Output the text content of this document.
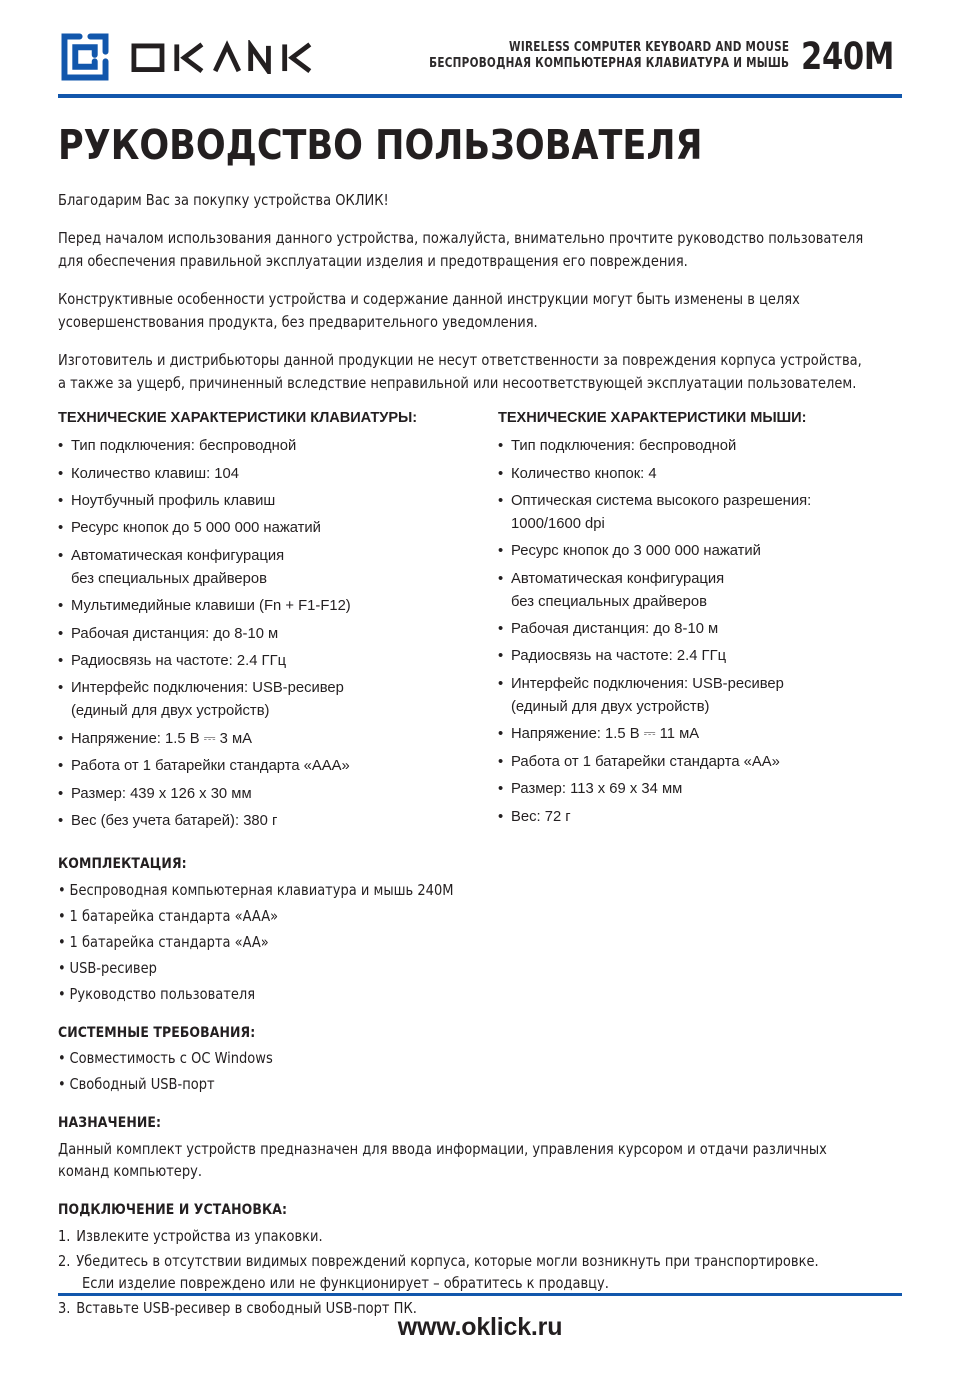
WIRELESS COMPUTER KEYBOARD AND MOUSE
БЕСПРОВОДНАЯ КОМПЬЮТЕРНАЯ КЛАВИАТУРА И МЫШЬ 240M
РУКОВОДСТВО ПОЛЬЗОВАТЕЛЯ

Благодарим Вас за покупку устройства ОКЛИК!

Перед началом использования данного устройства, пожалуйста, внимательно прочтите руководство пользователя для обеспечения правильной эксплуатации изделия и предотвращения его повреждения.

Конструктивные особенности устройства и содержание данной инструкции могут быть изменены в целях усовершенствования продукта, без предварительного уведомления.

Изготовитель и дистрибьюторы данной продукции не несут ответственности за повреждения корпуса устройства, а также за ущерб, причиненный вследствие неправильной или несоответствующей эксплуатации пользователем.

ТЕХНИЧЕСКИЕ ХАРАКТЕРИСТИКИ КЛАВИАТУРЫ:
• Тип подключения: беспроводной
• Количество клавиш: 104
• Ноутбучный профиль клавиш
• Ресурс кнопок до 5 000 000 нажатий
• Автоматическая конфигурация
без специальных драйверов
• Мультимедийные клавиши (Fn + F1-F12)
• Рабочая дистанция: до 8-10 м
• Радиосвязь на частоте: 2.4 ГГц
• Интерфейс подключения: USB-ресивер
(единый для двух устройств)
• Напряжение: 1.5 В ⎓ 3 мА
• Работа от 1 батарейки стандарта «AAA»
• Размер: 439 x 126 x 30 мм
• Вес (без учета батарей): 380 г
ТЕХНИЧЕСКИЕ ХАРАКТЕРИСТИКИ МЫШИ:
• Тип подключения: беспроводной
• Количество кнопок: 4
• Оптическая система высокого разрешения:
1000/1600 dpi
• Ресурс кнопок до 3 000 000 нажатий
• Автоматическая конфигурация
без специальных драйверов
• Рабочая дистанция: до 8-10 м
• Радиосвязь на частоте: 2.4 ГГц
• Интерфейс подключения: USB-ресивер
(единый для двух устройств)
• Напряжение: 1.5 В ⎓ 11 мА
• Работа от 1 батарейки стандарта «AA»
• Размер: 113 x 69 x 34 мм
• Вес: 72 г
КОМПЛЕКТАЦИЯ:
• Беспроводная компьютерная клавиатура и мышь 240M
• 1 батарейка стандарта «AAA»
• 1 батарейка стандарта «AA»
• USB-ресивер
• Руководство пользователя
СИСТЕМНЫЕ ТРЕБОВАНИЯ:
• Совместимость с ОС Windows
• Свободный USB-порт
НАЗНАЧЕНИЕ:

Данный комплект устройств предназначен для ввода информации, управления курсором и отдачи различных команд компьютеру.

ПОДКЛЮЧЕНИЕ И УСТАНОВКА:
1. Извлеките устройства из упаковки.
2. Убедитесь в отсутствии видимых повреждений корпуса, которые могли возникнуть при транспортировке.
Если изделие повреждено или не функционирует – обратитесь к продавцу.
3. Вставьте USB-ресивер в свободный USB-порт ПК.
www.oklick.ru
